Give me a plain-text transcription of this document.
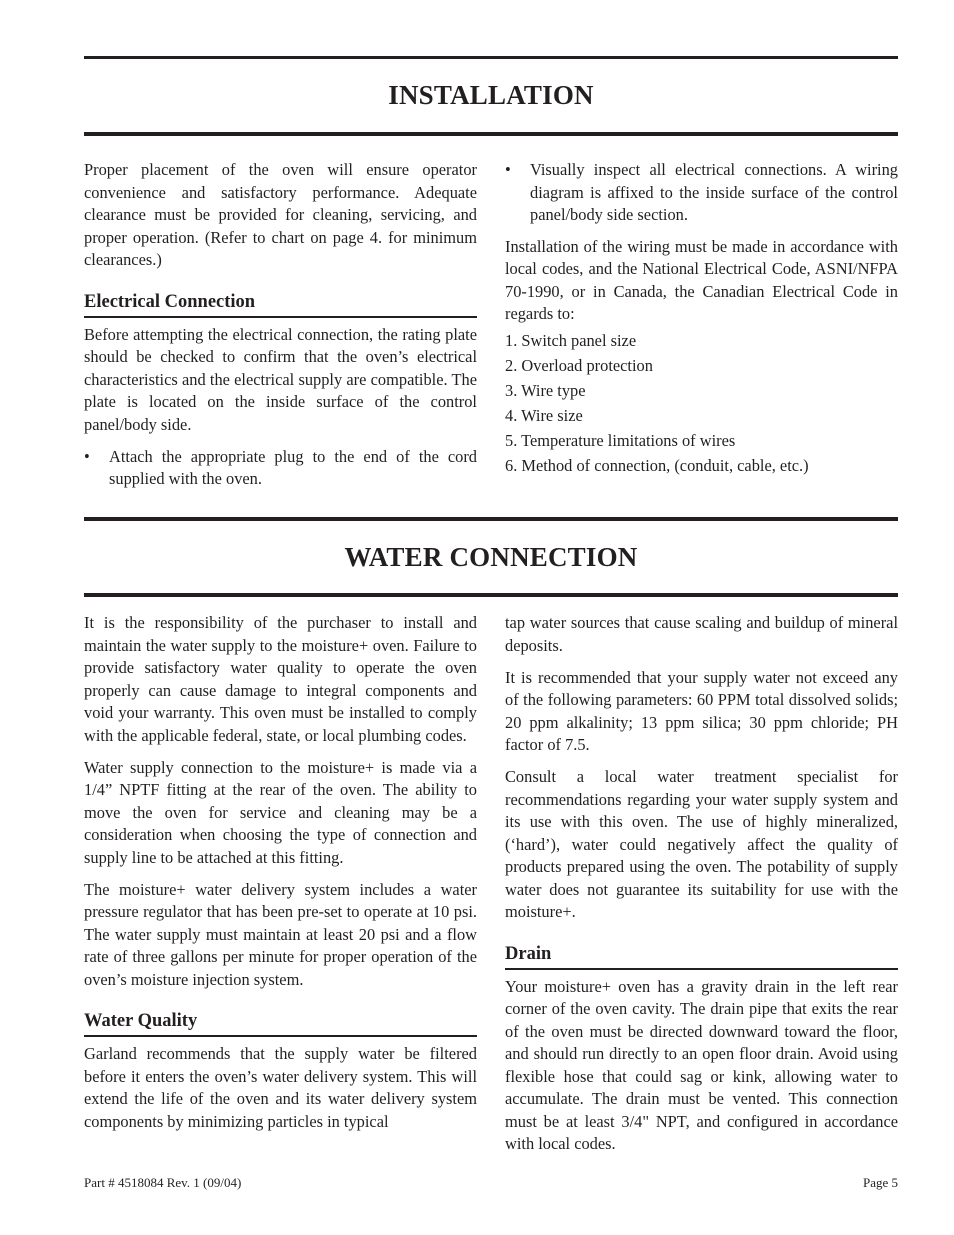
INSTALLATION

Proper placement of the oven will ensure operator convenience and satisfactory performance. Adequate clearance must be provided for cleaning, servicing, and proper operation. (Refer to chart on page 4. for minimum clearances.)

Electrical Connection

Before attempting the electrical connection, the rating plate should be checked to confirm that the oven’s electrical characteristics and the electrical supply are compatible. The plate is located on the inside surface of the control panel/body side.

• Attach the appropriate plug to the end of the cord supplied with the oven.
• Visually inspect all electrical connections. A wiring diagram is affixed to the inside surface of the control panel/body side section.

Installation of the wiring must be made in accordance with local codes, and the National Electrical Code, ASNI/NFPA 70-1990, or in Canada, the Canadian Electrical Code in regards to:

1. Switch panel size
2. Overload protection
3. Wire type
4. Wire size
5. Temperature limitations of wires
6. Method of connection, (conduit, cable, etc.)
WATER CONNECTION

It is the responsibility of the purchaser to install and maintain the water supply to the moisture+ oven. Failure to provide satisfactory water quality to operate the oven properly can cause damage to integral components and void your warranty. This oven must be installed to comply with the applicable federal, state, or local plumbing codes.

Water supply connection to the moisture+ is made via a 1/4” NPTF fitting at the rear of the oven. The ability to move the oven for service and cleaning may be a consideration when choosing the type of connection and supply line to be attached at this fitting.

The moisture+ water delivery system includes a water pressure regulator that has been pre-set to operate at 10 psi. The water supply must maintain at least 20 psi and a flow rate of three gallons per minute for proper operation of the oven’s moisture injection system.

Water Quality

Garland recommends that the supply water be filtered before it enters the oven’s water delivery system. This will extend the life of the oven and its water delivery system components by minimizing particles in typical

tap water sources that cause scaling and buildup of mineral deposits.

It is recommended that your supply water not exceed any of the following parameters: 60 PPM total dissolved solids; 20 ppm alkalinity; 13 ppm silica; 30 ppm chloride; PH factor of 7.5.

Consult a local water treatment specialist for recommendations regarding your water supply system and its use with this oven. The use of highly mineralized, (‘hard’), water could negatively affect the quality of products prepared using the oven. The potability of supply water does not guarantee its suitability for use with the moisture+.

Drain

Your moisture+ oven has a gravity drain in the left rear corner of the oven cavity. The drain pipe that exits the rear of the oven must be directed downward toward the floor, and should run directly to an open floor drain. Avoid using flexible hose that could sag or kink, allowing water to accumulate. The drain must be vented. This connection must be at least 3/4" NPT, and configured in accordance with local codes.

Part # 4518084 Rev. 1 (09/04)	Page 5
